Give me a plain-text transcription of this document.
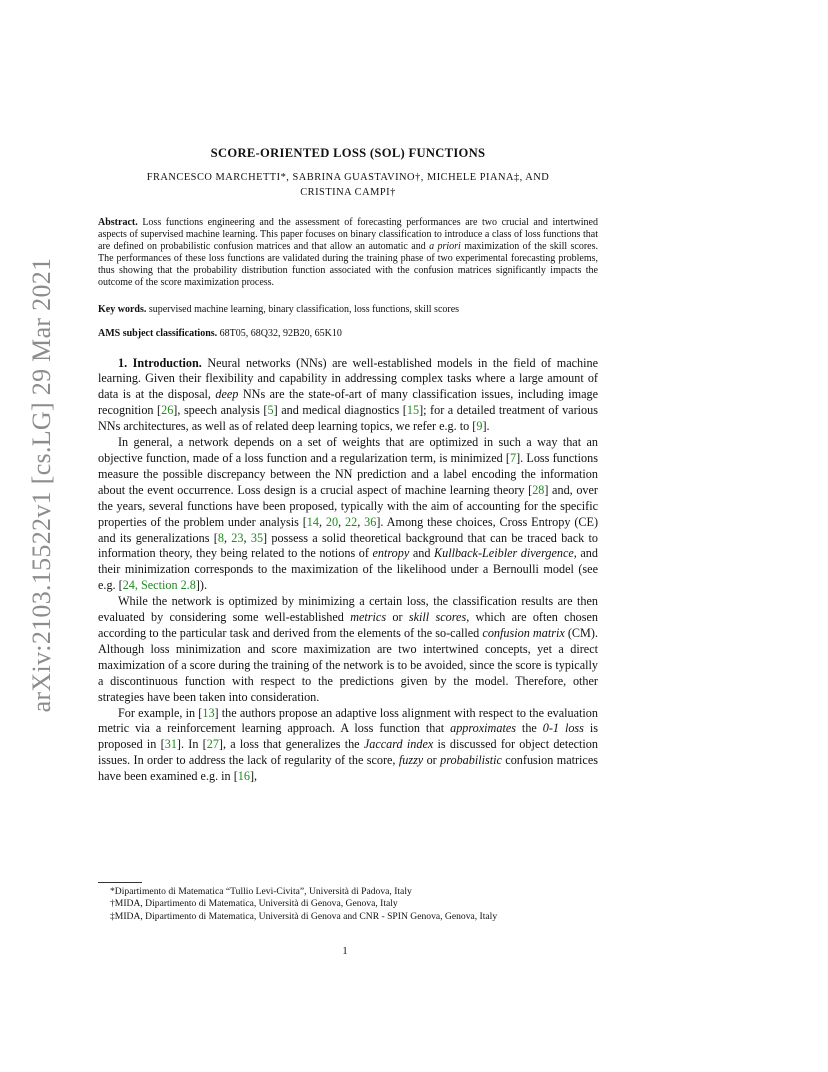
arXiv:2103.15522v1 [cs.LG] 29 Mar 2021
SCORE-ORIENTED LOSS (SOL) FUNCTIONS
FRANCESCO MARCHETTI*, SABRINA GUASTAVINO†, MICHELE PIANA‡, AND
CRISTINA CAMPI†
Abstract. Loss functions engineering and the assessment of forecasting performances are two crucial and intertwined aspects of supervised machine learning. This paper focuses on binary classification to introduce a class of loss functions that are defined on probabilistic confusion matrices and that allow an automatic and a priori maximization of the skill scores. The performances of these loss functions are validated during the training phase of two experimental forecasting problems, thus showing that the probability distribution function associated with the confusion matrices significantly impacts the outcome of the score maximization process.
Key words. supervised machine learning, binary classification, loss functions, skill scores
AMS subject classifications. 68T05, 68Q32, 92B20, 65K10

1. Introduction. Neural networks (NNs) are well-established models in the field of machine learning. Given their flexibility and capability in addressing complex tasks where a large amount of data is at the disposal, deep NNs are the state-of-art of many classification issues, including image recognition [26], speech analysis [5] and medical diagnostics [15]; for a detailed treatment of various NNs architectures, as well as of related deep learning topics, we refer e.g. to [9].

In general, a network depends on a set of weights that are optimized in such a way that an objective function, made of a loss function and a regularization term, is minimized [7]. Loss functions measure the possible discrepancy between the NN prediction and a label encoding the information about the event occurrence. Loss design is a crucial aspect of machine learning theory [28] and, over the years, several functions have been proposed, typically with the aim of accounting for the specific properties of the problem under analysis [14, 20, 22, 36]. Among these choices, Cross Entropy (CE) and its generalizations [8, 23, 35] possess a solid theoretical background that can be traced back to information theory, they being related to the notions of entropy and Kullback-Leibler divergence, and their minimization corresponds to the maximization of the likelihood under a Bernoulli model (see e.g. [24, Section 2.8]).

While the network is optimized by minimizing a certain loss, the classification results are then evaluated by considering some well-established metrics or skill scores, which are often chosen according to the particular task and derived from the elements of the so-called confusion matrix (CM). Although loss minimization and score maximization are two intertwined concepts, yet a direct maximization of a score during the training of the network is to be avoided, since the score is typically a discontinuous function with respect to the predictions given by the model. Therefore, other strategies have been taken into consideration.

For example, in [13] the authors propose an adaptive loss alignment with respect to the evaluation metric via a reinforcement learning approach. A loss function that approximates the 0-1 loss is proposed in [31]. In [27], a loss that generalizes the Jaccard index is discussed for object detection issues. In order to address the lack of regularity of the score, fuzzy or probabilistic confusion matrices have been examined e.g. in [16],

*Dipartimento di Matematica “Tullio Levi-Civita”, Università di Padova, Italy
†MIDA, Dipartimento di Matematica, Università di Genova, Genova, Italy
‡MIDA, Dipartimento di Matematica, Università di Genova and CNR - SPIN Genova, Genova, Italy
1
